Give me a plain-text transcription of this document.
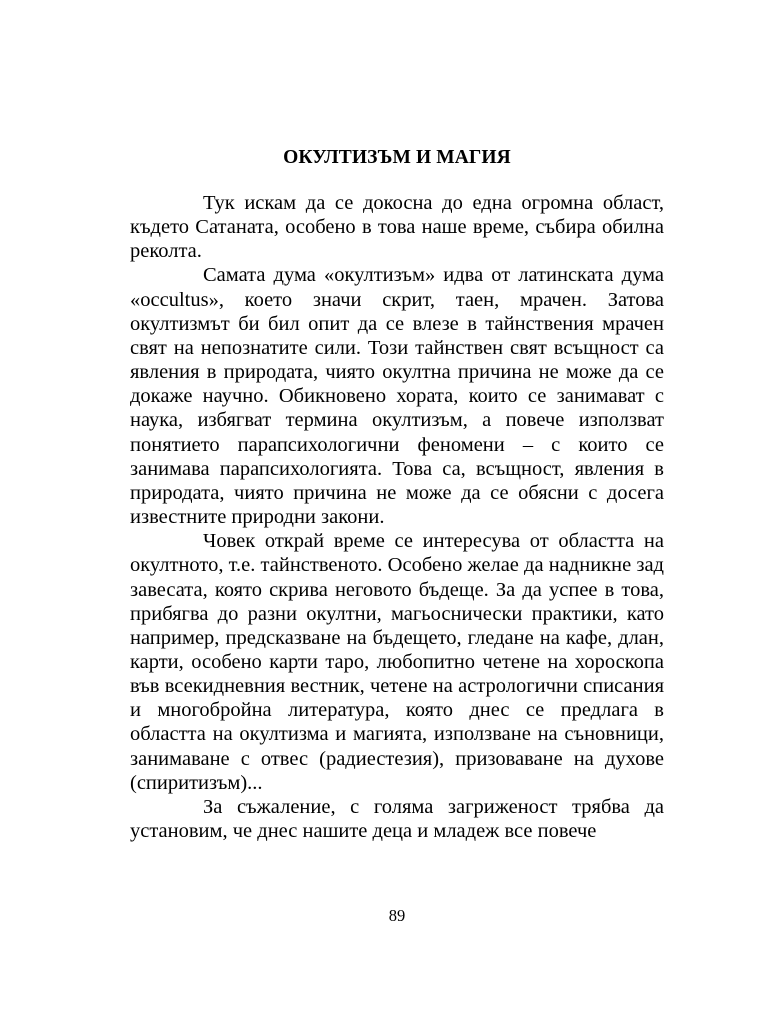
ОКУЛТИЗЪМ И МАГИЯ

Тук искам да се докосна до една огромна област, където Сатаната, особено в това наше време, събира обилна реколта.

Самата дума «окултизъм» идва от латинската дума «occultus», което значи скрит, таен, мрачен. Затова окултизмът би бил опит да се влезе в тайнствения мрачен свят на непознатите сили. Този тайнствен свят всъщност са явления в природата, чиято окултна причина не може да се докаже научно. Обикновено хората, които се занимават с наука, избягват термина окултизъм, а повече използват понятието парапсихологични феномени – с които се занимава парапсихологията. Това са, всъщност, явления в природата, чиято причина не може да се обясни с досега известните природни закони.

Човек открай време се интересува от областта на окултното, т.е. тайнственото. Особено желае да надникне зад завесата, която скрива неговото бъдеще. За да успее в това, прибягва до разни окултни, магьоснически практики, като например, предсказване на бъдещето, гледане на кафе, длан, карти, особено карти таро, любопитно четене на хороскопа във всекидневния вестник, четене на астрологични списания и многобройна литература, която днес се предлага в областта на окултизма и магията, използване на съновници, занимаване с отвес (радиестезия), призоваване на духове (спиритизъм)...

За съжаление, с голяма загриженост трябва да установим, че днес нашите деца и младеж все повече

89
